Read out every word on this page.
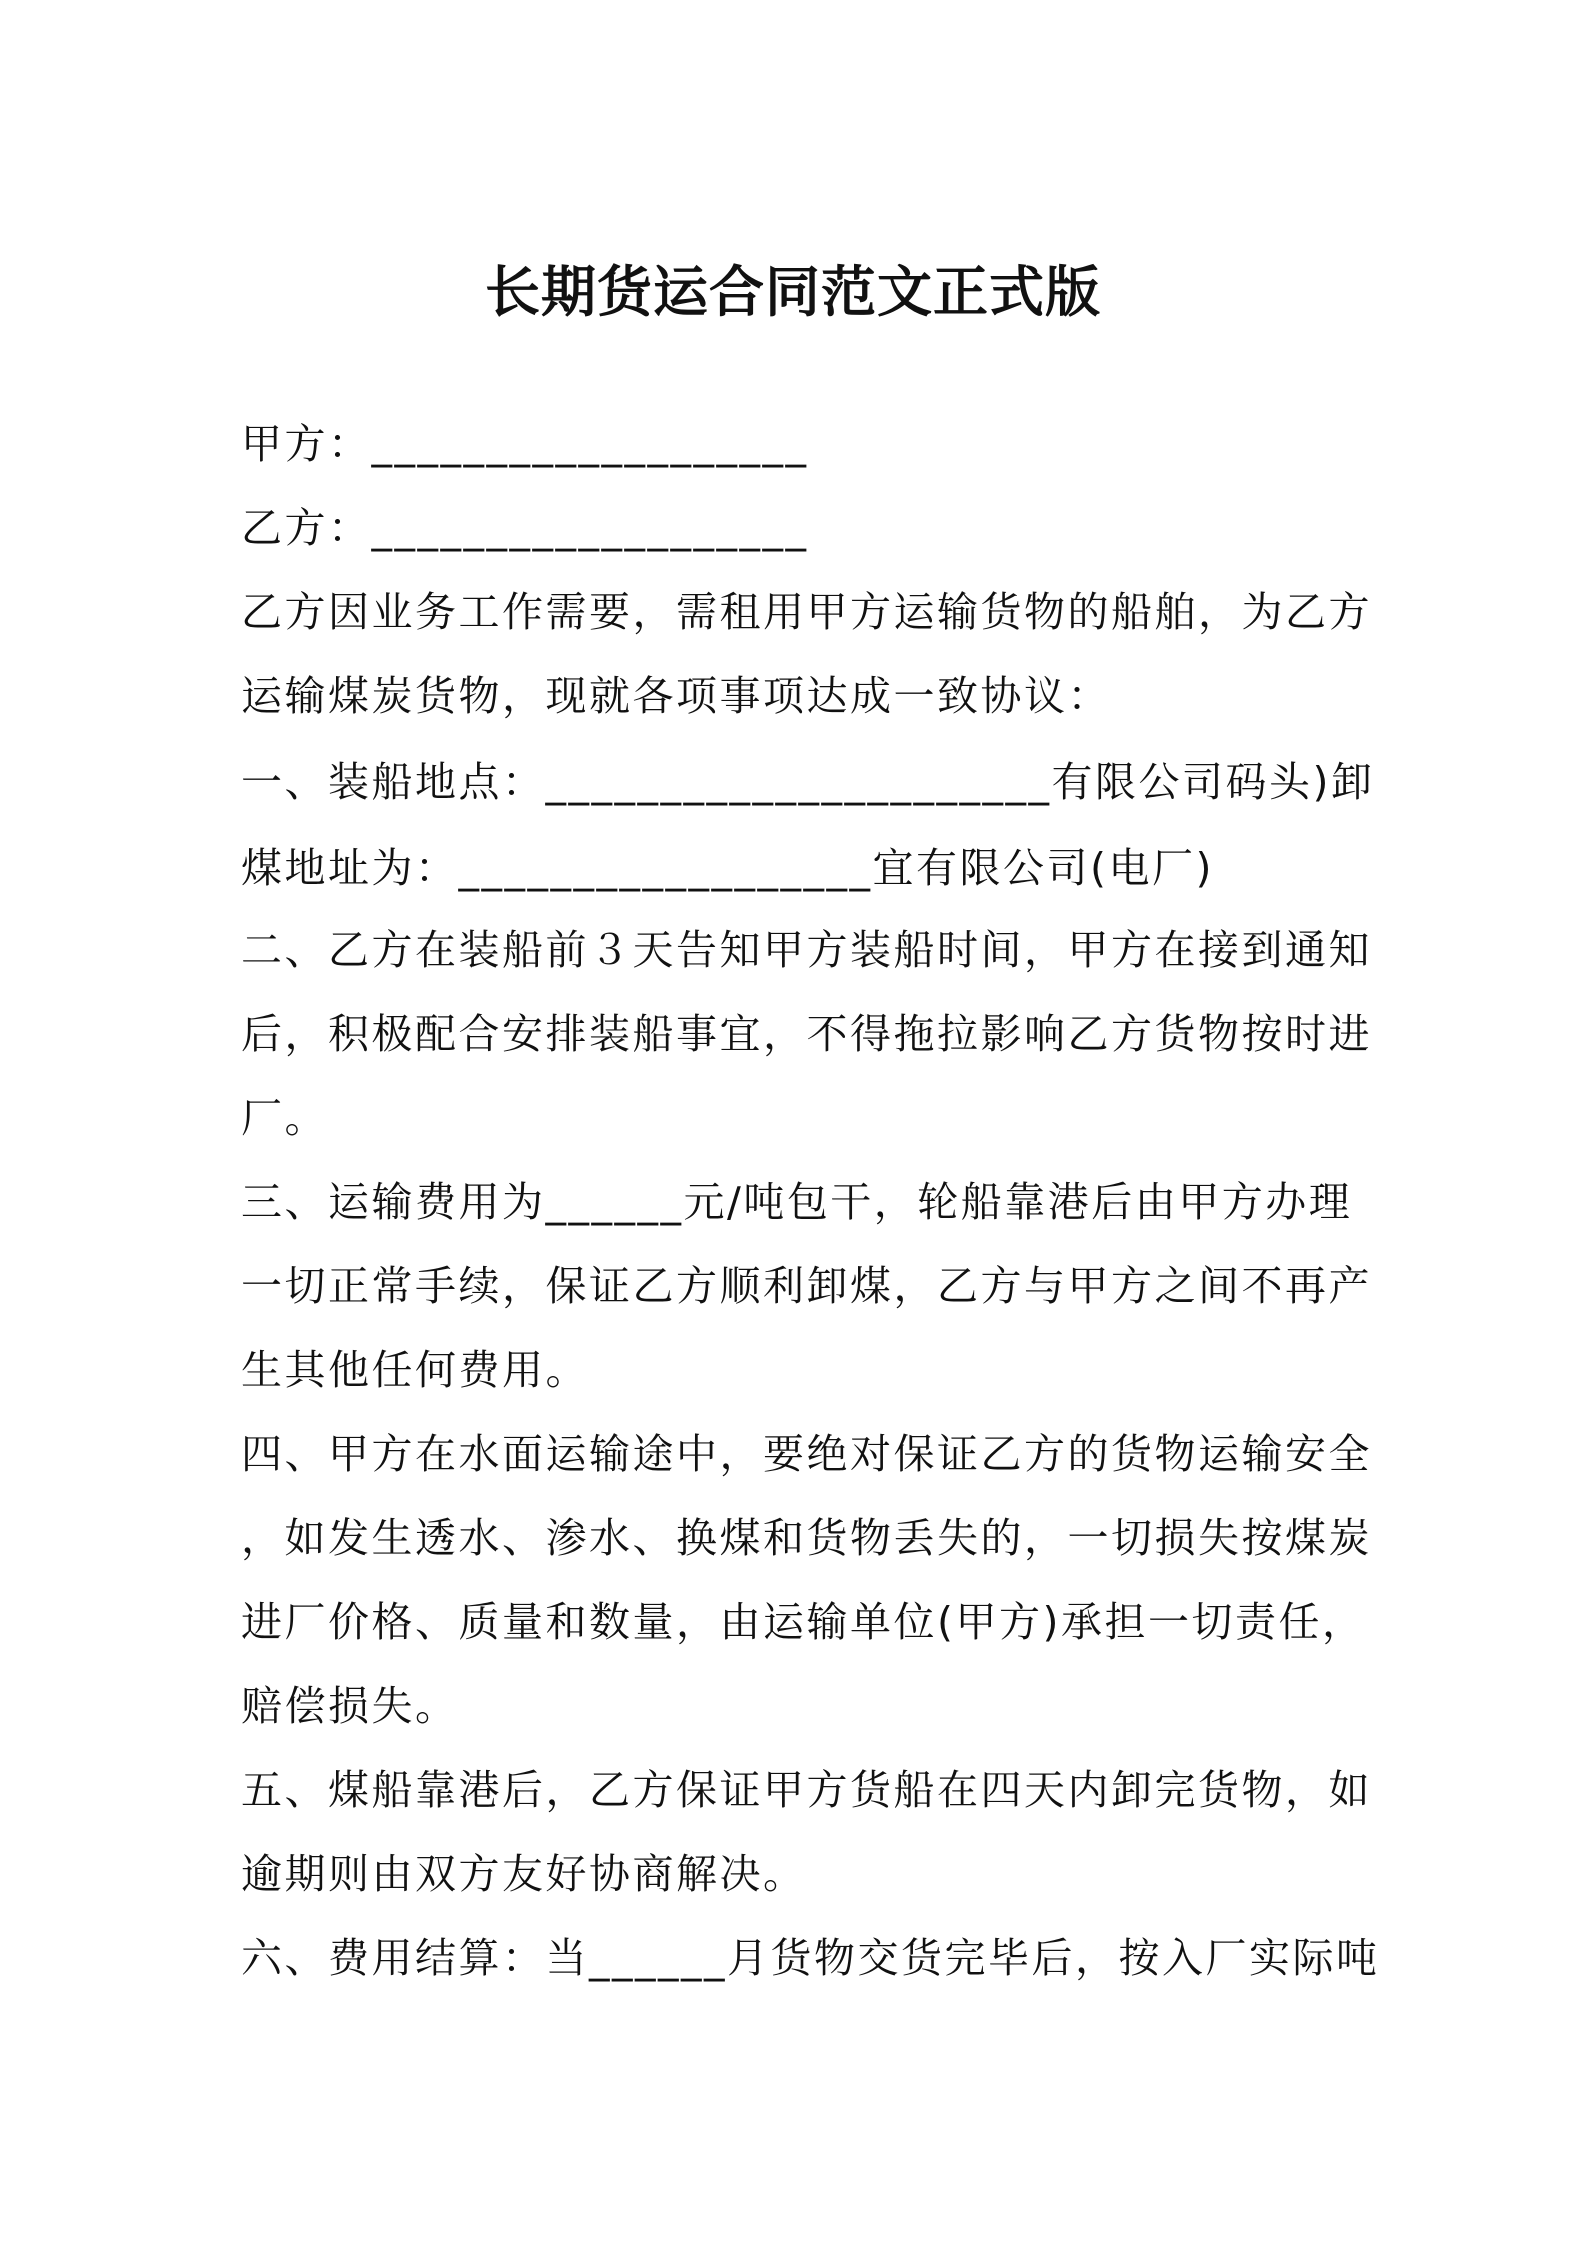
长期货运合同范文正式版
甲方：___________________
乙方：___________________
乙方因业务工作需要，需租用甲方运输货物的船舶，为乙方
运输煤炭货物，现就各项事项达成一致协议：
一、装船地点：______________________有限公司码头)卸
煤地址为：__________________宜有限公司(电厂)
二、乙方在装船前３天告知甲方装船时间，甲方在接到通知
后，积极配合安排装船事宜，不得拖拉影响乙方货物按时进
厂。
三、运输费用为______元/吨包干，轮船靠港后由甲方办理
一切正常手续，保证乙方顺利卸煤，乙方与甲方之间不再产
生其他任何费用。
四、甲方在水面运输途中，要绝对保证乙方的货物运输安全
，如发生透水、渗水、换煤和货物丢失的，一切损失按煤炭
进厂价格、质量和数量，由运输单位(甲方)承担一切责任，
赔偿损失。
五、煤船靠港后，乙方保证甲方货船在四天内卸完货物，如
逾期则由双方友好协商解决。
六、费用结算：当______月货物交货完毕后，按入厂实际吨
